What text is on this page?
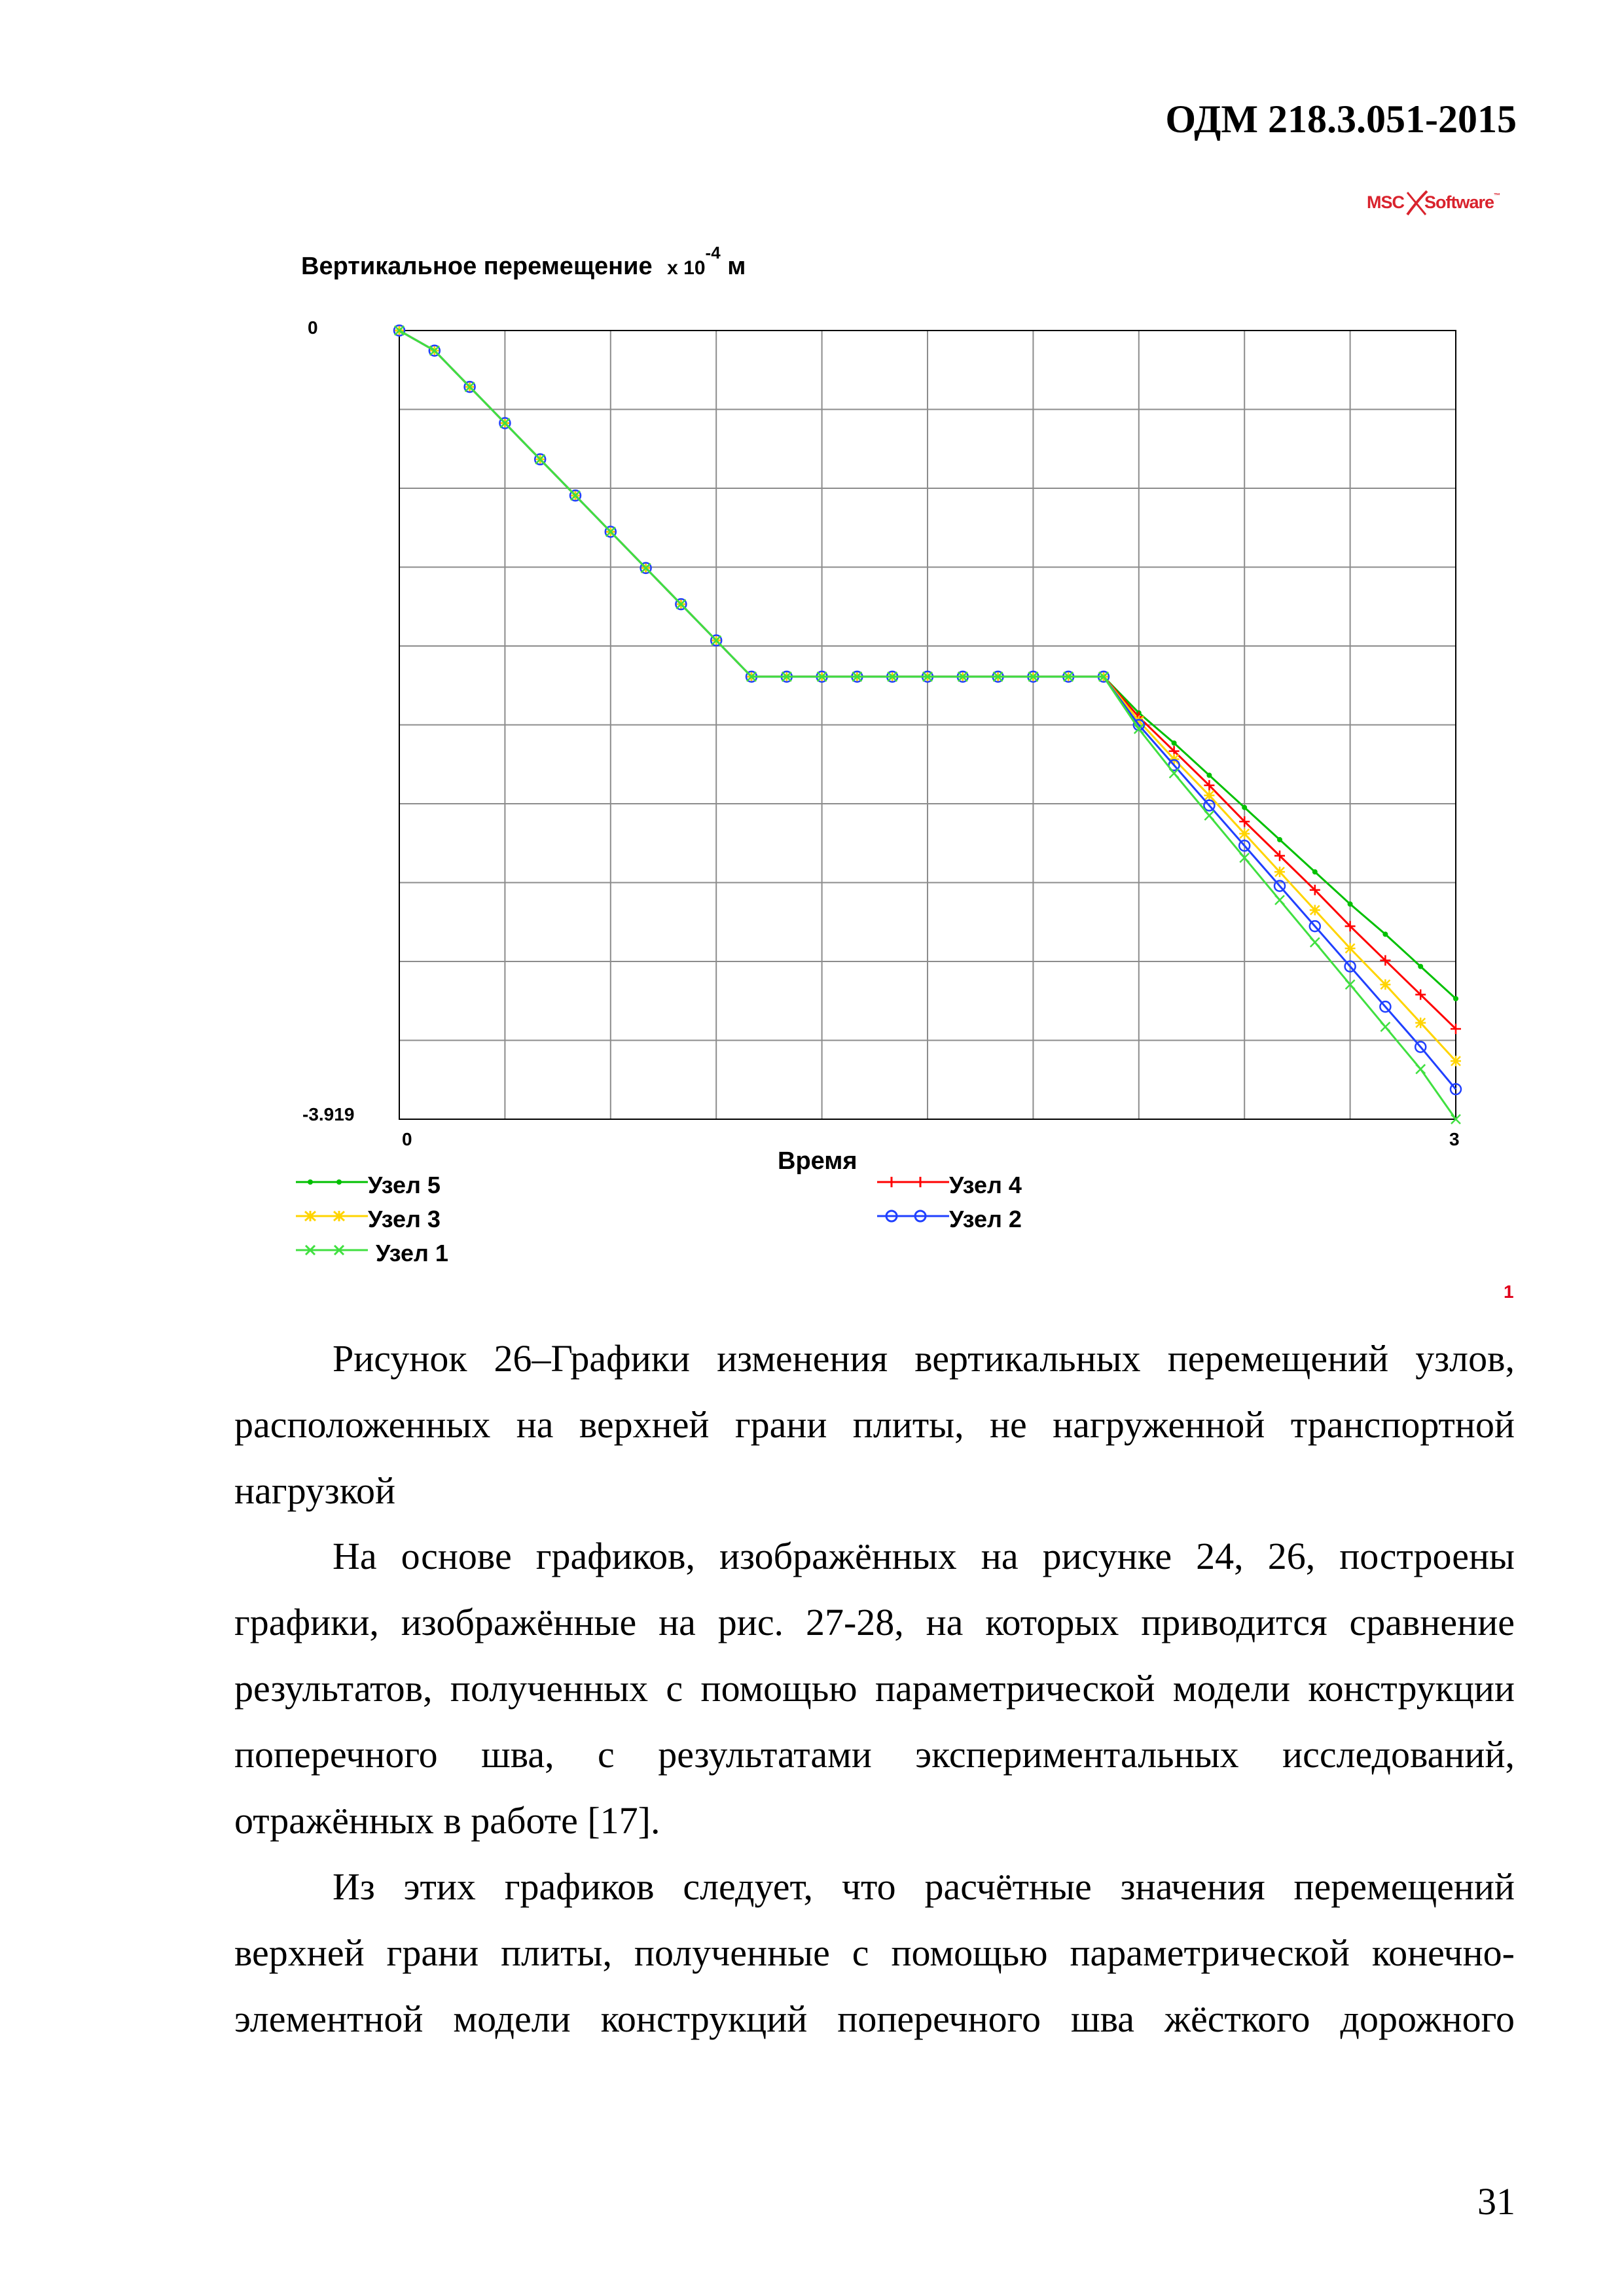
ОДМ 218.3.051-2015
MSC Software™
Вертикальное перемещение x $10^{-4}$ м
0
-3.919
0	3
Время
Узел 5	Узел 4
Узел 3	Узел 2
Узел 1
1
Рисунок 26–Графики изменения вертикальных перемещений узлов,
расположенных на верхней грани плиты, не нагруженной транспортной
нагрузкой
На основе графиков, изображённых на рисунке 24, 26, построены
графики, изображённые на рис. 27-28, на которых приводится сравнение
результатов, полученных с помощью параметрической модели конструкции
поперечного шва, с результатами экспериментальных исследований,
отражённых в работе [17].
Из этих графиков следует, что расчётные значения перемещений
верхней грани плиты, полученные с помощью параметрической конечно-
элементной модели конструкций поперечного шва жёсткого дорожного
31
